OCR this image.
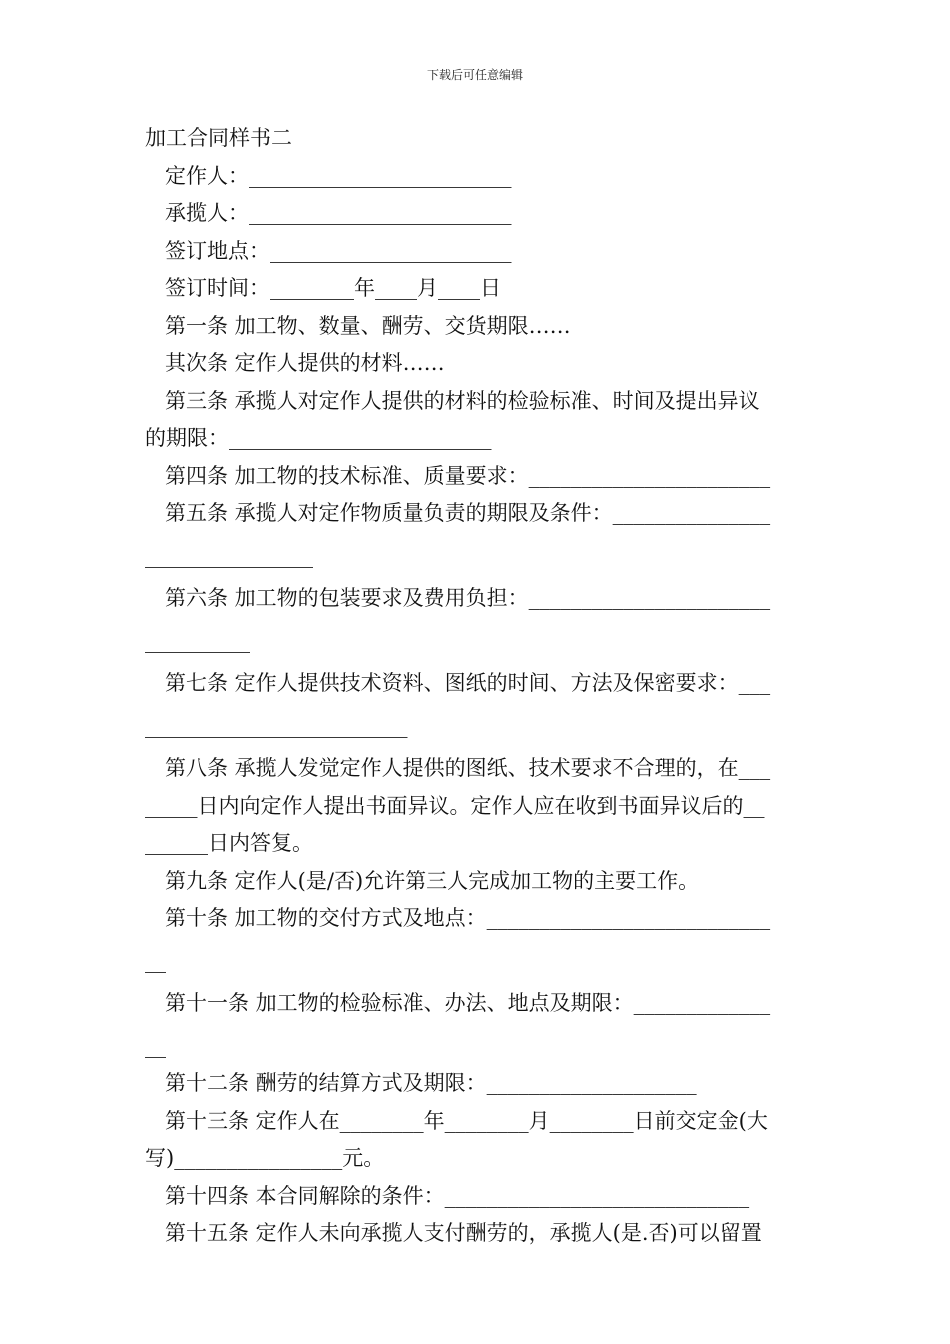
下载后可任意编辑
加工合同样书二
定作人：_________________________
承揽人：_________________________
签订地点：_______________________
签订时间：________年____月____日
第一条 加工物、数量、酬劳、交货期限……
其次条 定作人提供的材料……
第三条 承揽人对定作人提供的材料的检验标准、时间及提出异议
的期限：_________________________
第四条 加工物的技术标准、质量要求：_______________________
第五条 承揽人对定作物质量负责的期限及条件：_______________
________________
第六条 加工物的包装要求及费用负担：_______________________
__________
第七条 定作人提供技术资料、图纸的时间、方法及保密要求：___
_________________________
第八条 承揽人发觉定作人提供的图纸、技术要求不合理的，在___
_____日内向定作人提出书面异议。定作人应在收到书面异议后的__
______日内答复。
第九条 定作人(是/否)允许第三人完成加工物的主要工作。
第十条 加工物的交付方式及地点：___________________________
__
第十一条 加工物的检验标准、办法、地点及期限：_____________
__
第十二条 酬劳的结算方式及期限：____________________
第十三条 定作人在________年________月________日前交定金(大
写)________________元。
第十四条 本合同解除的条件：_____________________________
第十五条 定作人未向承揽人支付酬劳的，承揽人(是.否)可以留置
